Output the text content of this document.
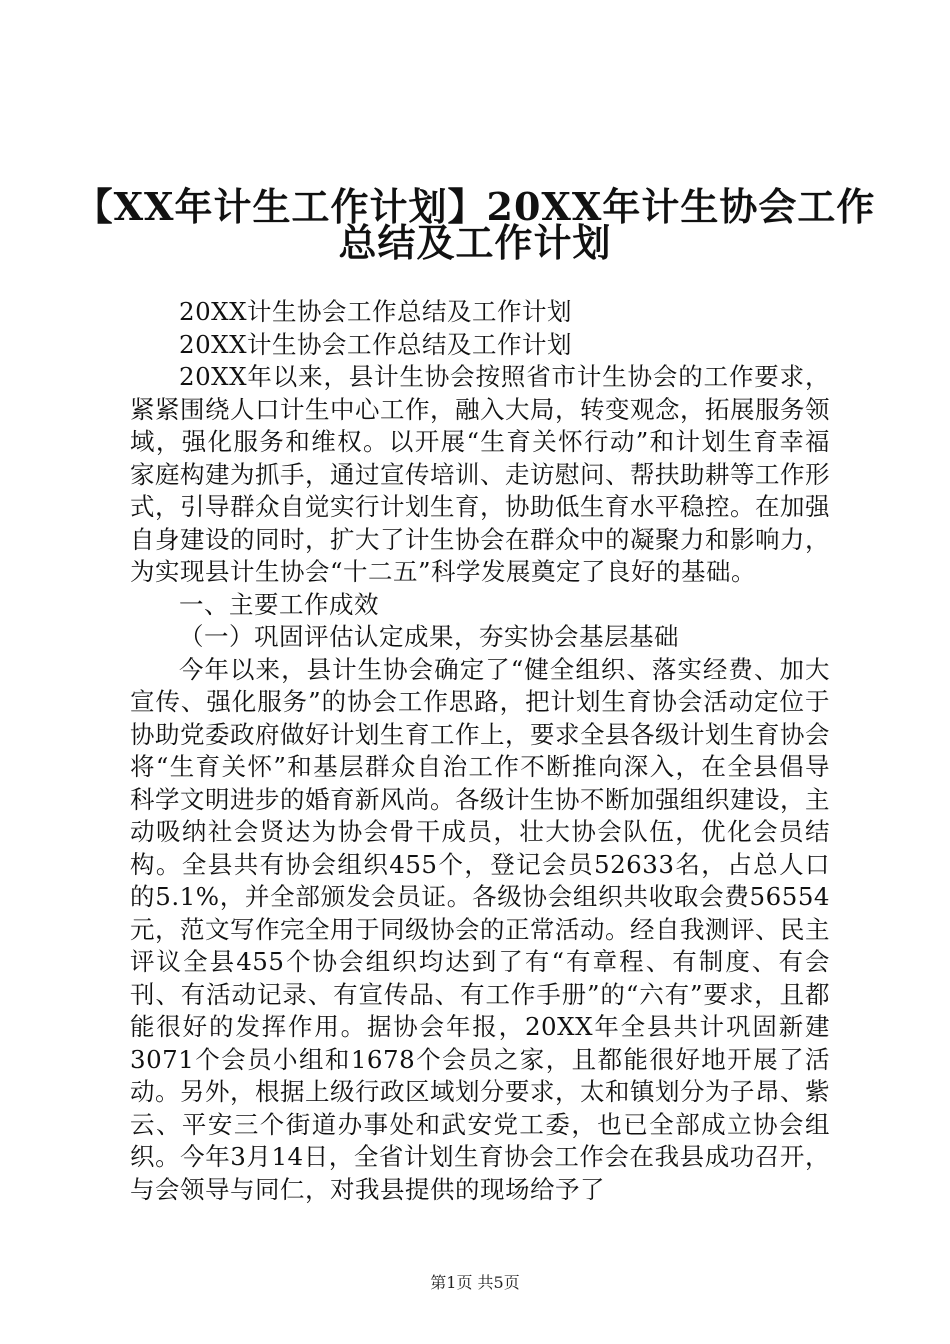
【XX年计生工作计划】20XX年计生协会工作
总结及工作计划

20XX计生协会工作总结及工作计划

20XX计生协会工作总结及工作计划

20XX年以来，县计生协会按照省市计生协会的工作要求，紧紧围绕人口计生中心工作，融入大局，转变观念，拓展服务领域，强化服务和维权。以开展“生育关怀行动”和计划生育幸福家庭构建为抓手，通过宣传培训、走访慰问、帮扶助耕等工作形式，引导群众自觉实行计划生育，协助低生育水平稳控。在加强自身建设的同时，扩大了计生协会在群众中的凝聚力和影响力，为实现县计生协会“十二五”科学发展奠定了良好的基础。

一、主要工作成效

（一）巩固评估认定成果，夯实协会基层基础

今年以来，县计生协会确定了“健全组织、落实经费、加大宣传、强化服务”的协会工作思路，把计划生育协会活动定位于协助党委政府做好计划生育工作上，要求全县各级计划生育协会将“生育关怀”和基层群众自治工作不断推向深入，在全县倡导科学文明进步的婚育新风尚。各级计生协不断加强组织建设，主动吸纳社会贤达为协会骨干成员，壮大协会队伍，优化会员结构。全县共有协会组织455个，登记会员52633名，占总人口的5.1%，并全部颁发会员证。各级协会组织共收取会费56554元，范文写作完全用于同级协会的正常活动。经自我测评、民主评议全县455个协会组织均达到了有“有章程、有制度、有会刊、有活动记录、有宣传品、有工作手册”的“六有”要求，且都能很好的发挥作用。据协会年报，20XX年全县共计巩固新建3071个会员小组和1678个会员之家，且都能很好地开展了活动。另外，根据上级行政区域划分要求，太和镇划分为子昂、紫云、平安三个街道办事处和武安党工委，也已全部成立协会组织。今年3月14日，全省计划生育协会工作会在我县成功召开，与会领导与同仁，对我县提供的现场给予了

第1页 共5页
